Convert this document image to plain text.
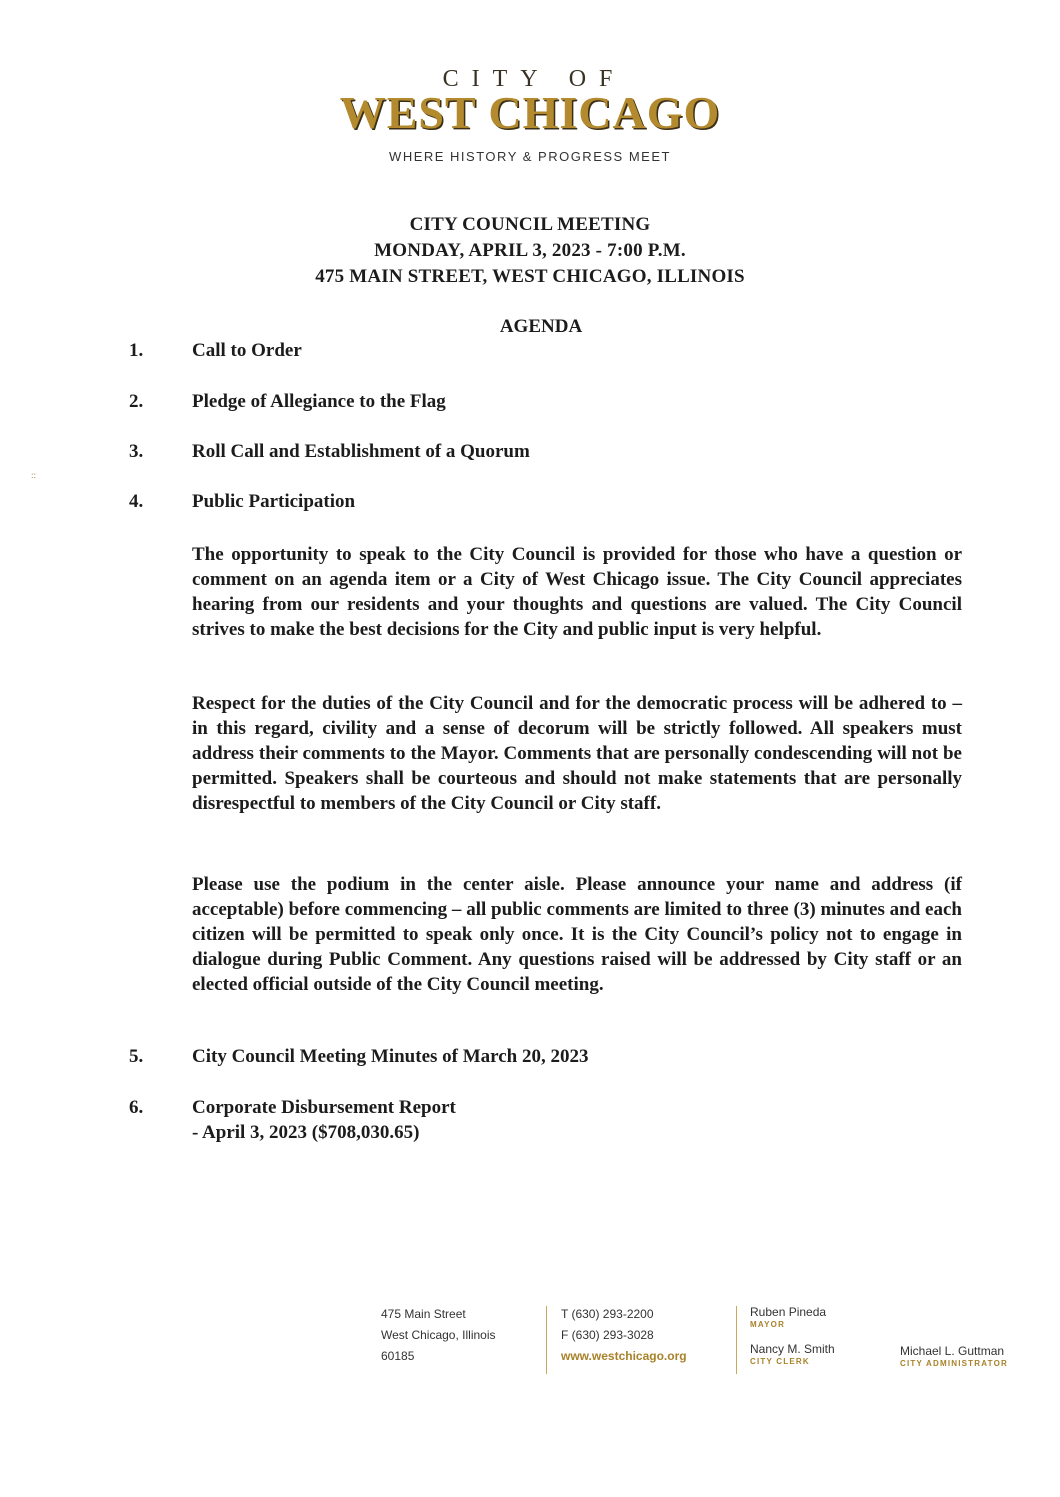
CITY OF
WEST CHICAGO
WHERE HISTORY & PROGRESS MEET
CITY COUNCIL MEETING
MONDAY, APRIL 3, 2023 - 7:00 P.M.
475 MAIN STREET, WEST CHICAGO, ILLINOIS
AGENDA
::
1.	Call to Order
2.	Pledge of Allegiance to the Flag
3.	Roll Call and Establishment of a Quorum
4.	Public Participation

The opportunity to speak to the City Council is provided for those who have a question or comment on an agenda item or a City of West Chicago issue. The City Council appreciates hearing from our residents and your thoughts and questions are valued. The City Council strives to make the best decisions for the City and public input is very helpful.

Respect for the duties of the City Council and for the democratic process will be adhered to – in this regard, civility and a sense of decorum will be strictly followed. All speakers must address their comments to the Mayor. Comments that are personally condescending will not be permitted. Speakers shall be courteous and should not make statements that are personally disrespectful to members of the City Council or City staff.

Please use the podium in the center aisle. Please announce your name and address (if acceptable) before commencing – all public comments are limited to three (3) minutes and each citizen will be permitted to speak only once. It is the City Council’s policy not to engage in dialogue during Public Comment. Any questions raised will be addressed by City staff or an elected official outside of the City Council meeting.

5.	City Council Meeting Minutes of March 20, 2023
6.	Corporate Disbursement Report
- April 3, 2023 ($708,030.65)
475 Main Street
West Chicago, Illinois
60185
T (630) 293-2200
F (630) 293-3028
www.westchicago.org
Ruben Pineda
MAYOR
Nancy M. Smith
CITY CLERK
Michael L. Guttman
CITY ADMINISTRATOR
